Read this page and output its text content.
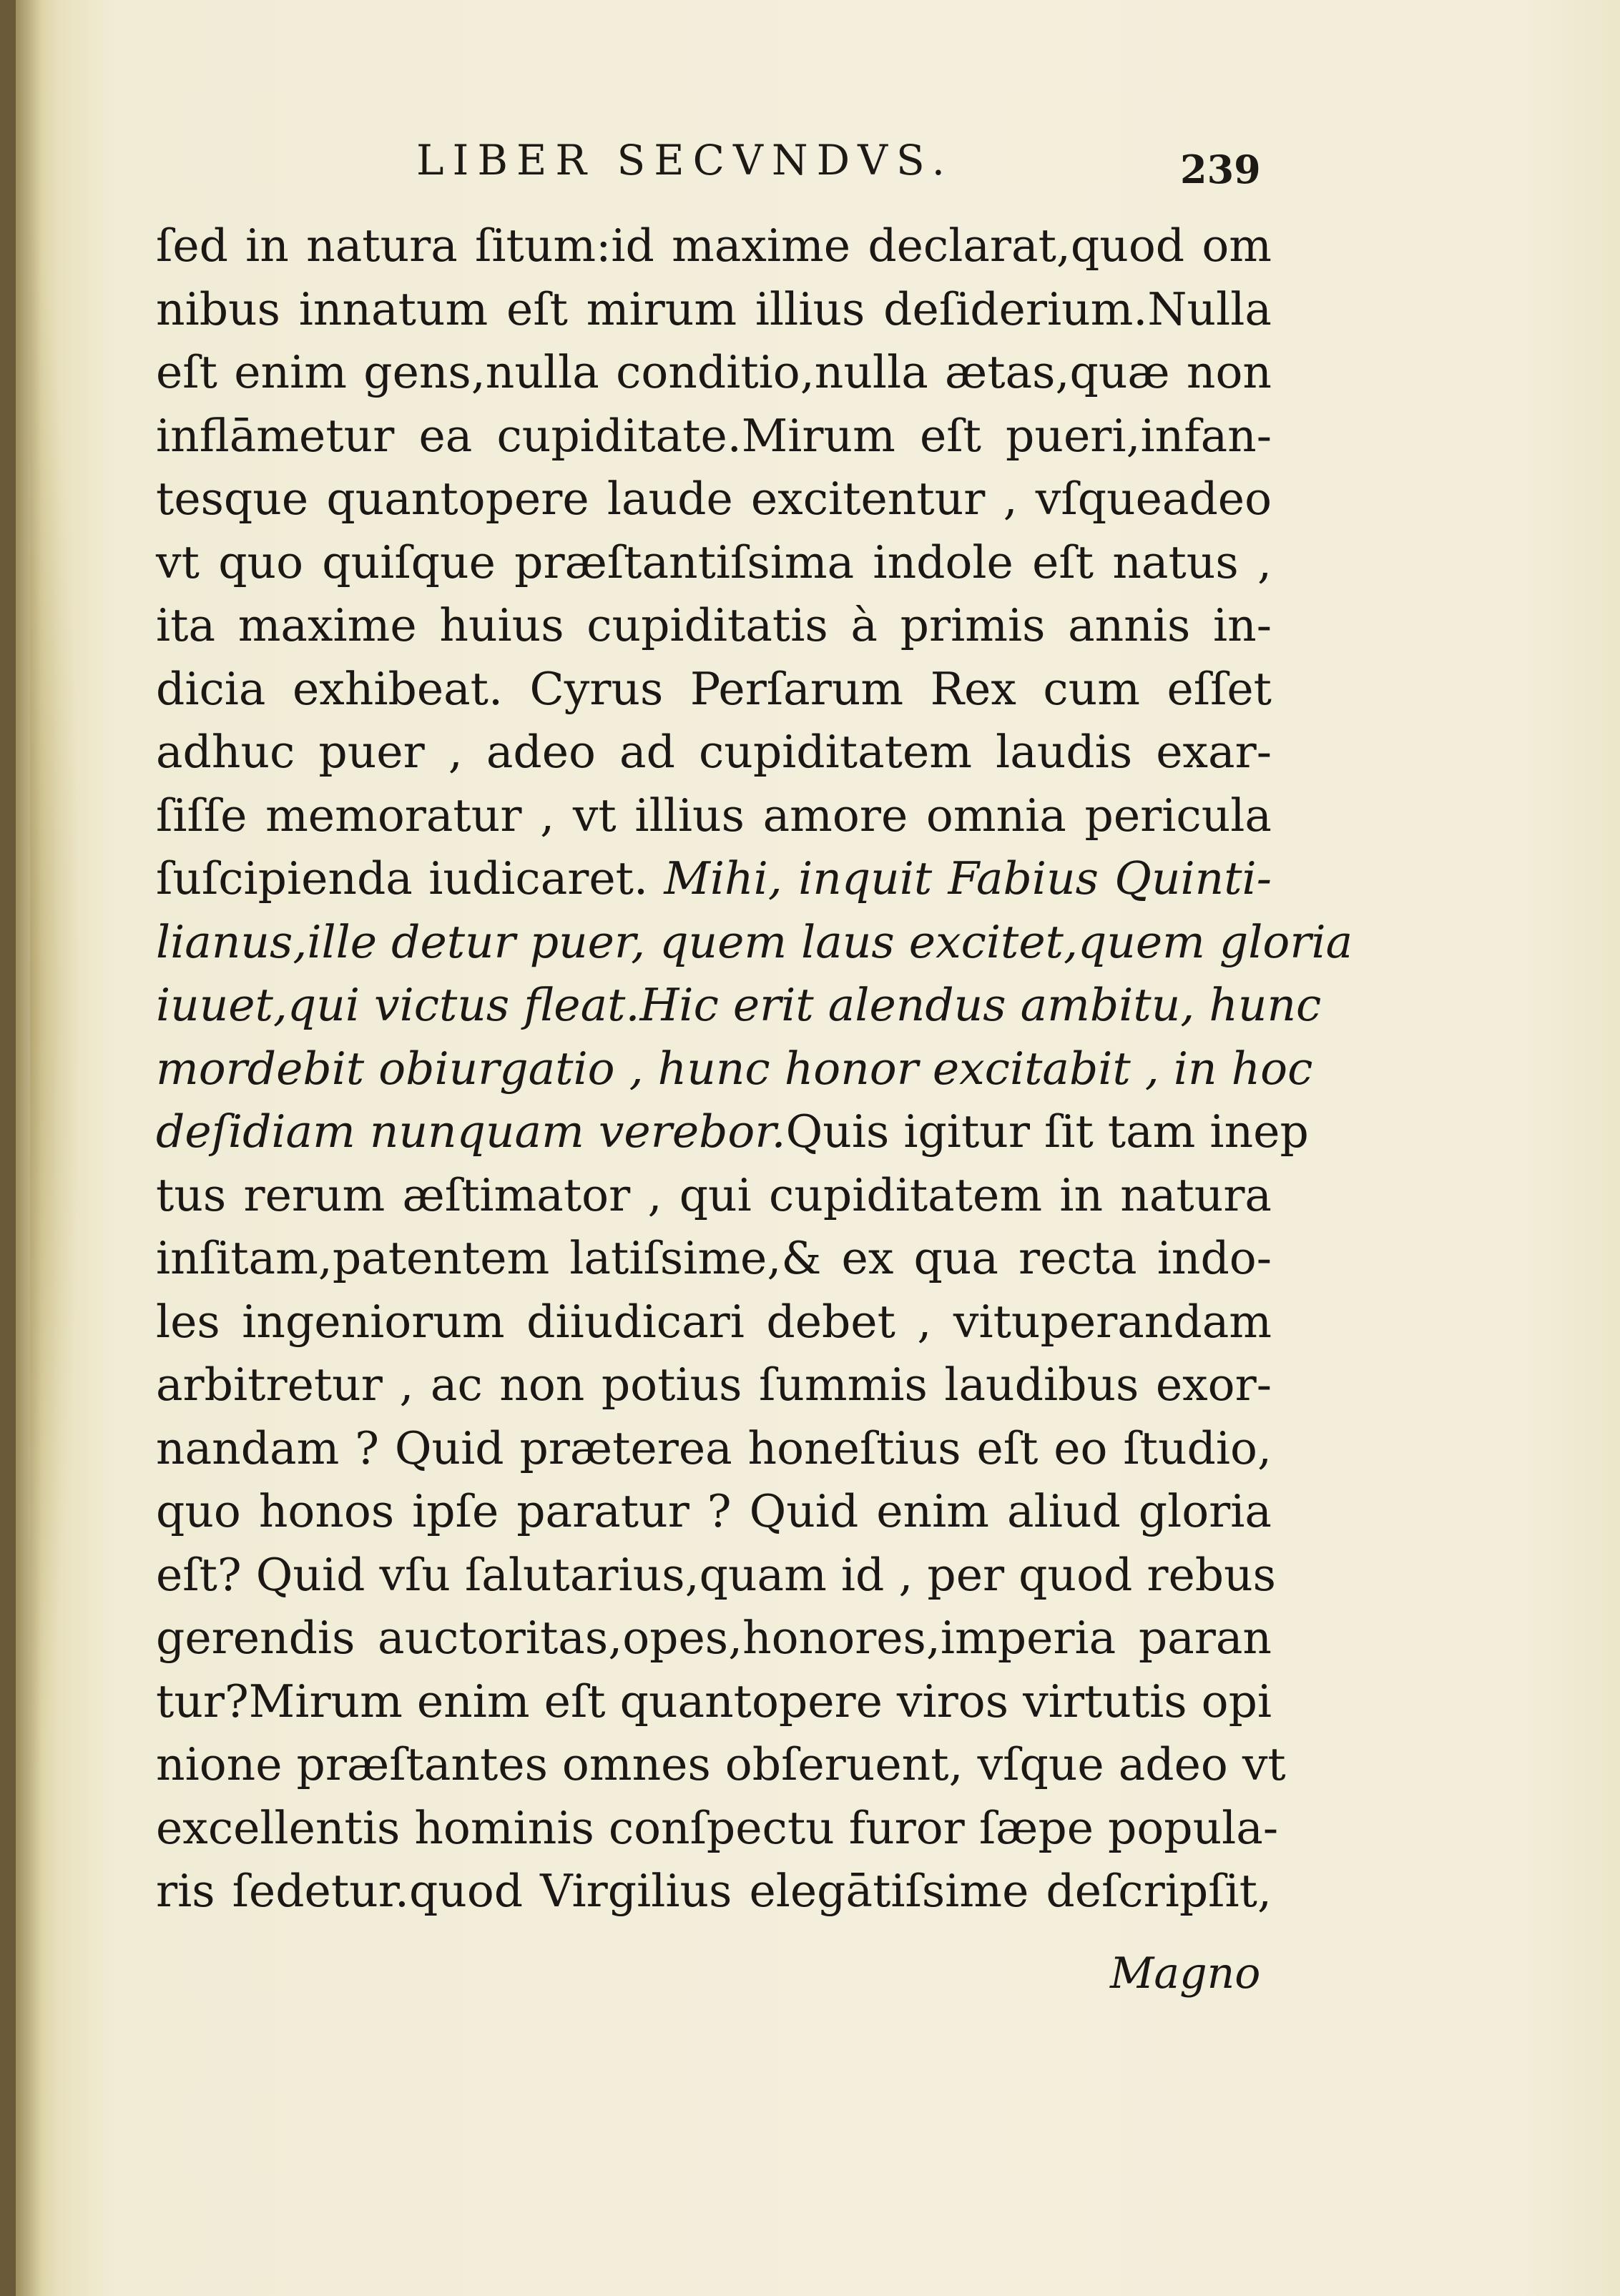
LIBER SECVNDVS.	239
ſed in natura ſitum:id maxime declarat,quod om
nibus innatum eſt mirum illius deſiderium.Nulla
eſt enim gens,nulla conditio,nulla ætas,quæ non
inflāmetur ea cupiditate.Mirum eſt pueri,infan-
tesque quantopere laude excitentur , vſqueadeo
vt quo quiſque præſtantiſsima indole eſt natus ,
ita maxime huius cupiditatis à primis annis in-
dicia exhibeat. Cyrus Perſarum Rex cum eſſet
adhuc puer , adeo ad cupiditatem laudis exar-
ſiſſe memoratur , vt illius amore omnia pericula
ſuſcipienda iudicaret. Mihi, inquit Fabius Quinti-
lianus,ille detur puer, quem laus excitet,quem gloria
iuuet,qui victus fleat.Hic erit alendus ambitu, hunc
mordebit obiurgatio , hunc honor excitabit , in hoc
deſidiam nunquam verebor.Quis igitur ſit tam inep
tus rerum æſtimator , qui cupiditatem in natura
inſitam,patentem latiſsime,& ex qua recta indo-
les ingeniorum diiudicari debet , vituperandam
arbitretur , ac non potius ſummis laudibus exor-
nandam ? Quid præterea honeſtius eſt eo ſtudio,
quo honos ipſe paratur ? Quid enim aliud gloria
eſt? Quid vſu ſalutarius,quam id , per quod rebus
gerendis auctoritas,opes,honores,imperia paran
tur?Mirum enim eſt quantopere viros virtutis opi
nione præſtantes omnes obſeruent, vſque adeo vt
excellentis hominis conſpectu furor ſæpe popula-
ris ſedetur.quod Virgilius elegātiſsime deſcripſit,
Magno
